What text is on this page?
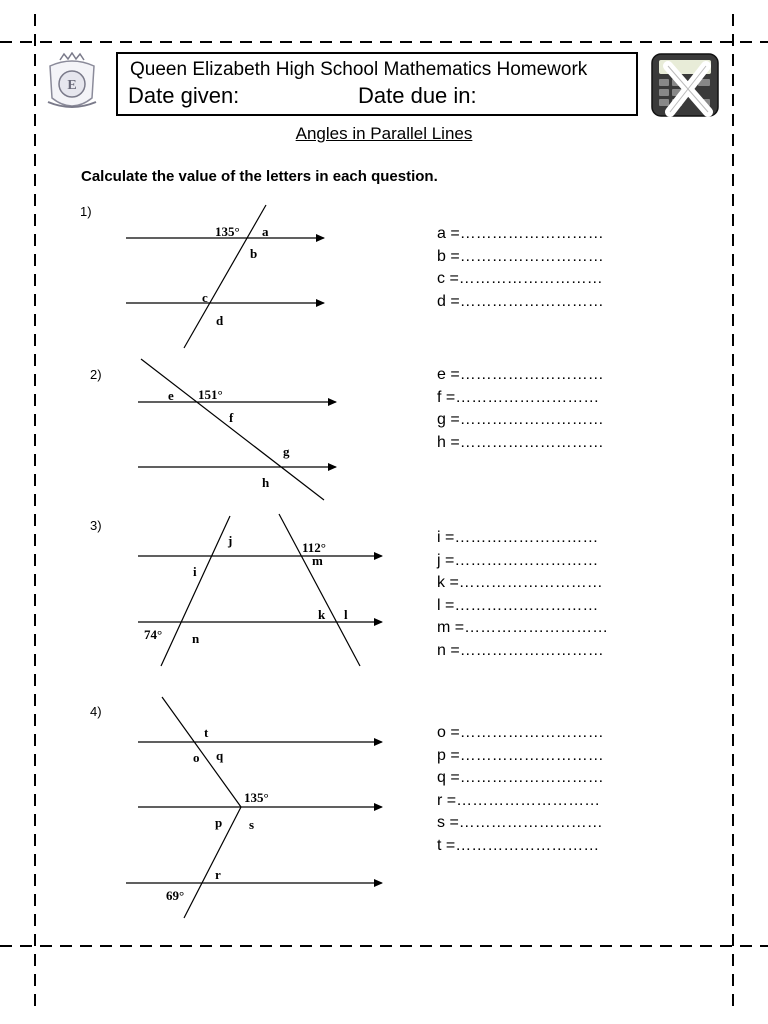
E
Queen Elizabeth High School Mathematics Homework
Date given:	Date due in:
Angles in Parallel Lines
Calculate the value of the letters in each question.
1)
2)
3)
4)
135° a
b
c
d
e 151°
f
g
h
j	112°
m
i
k l
74° n
t
o q
135°
p s
r
69°
a =………………………
b =………………………
c =………………………
d =………………………
e =………………………
f =………………………
g =………………………
h =………………………
i =………………………
j =………………………
k =………………………
l =………………………
m =………………………
n =………………………
o =………………………
p =………………………
q =………………………
r =………………………
s =………………………
t =………………………
